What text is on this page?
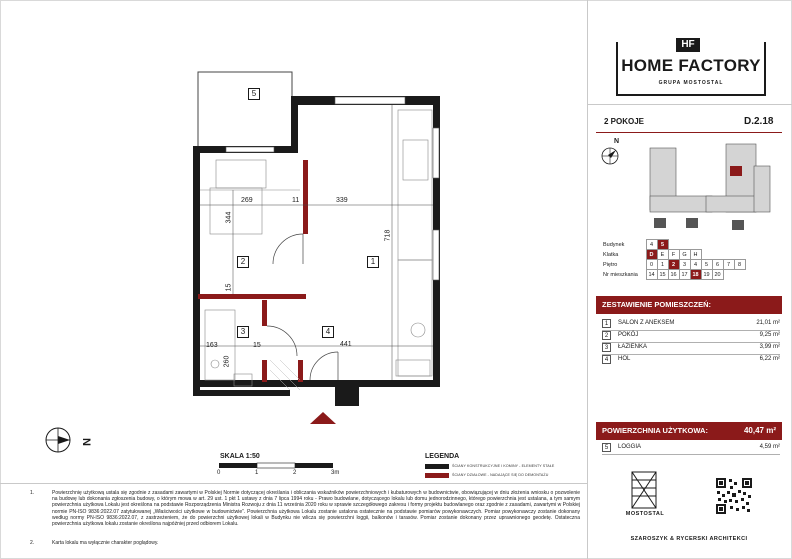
5
1
2
3	4
269	11	339
344
718
15
163	15	441
260
N
SKALA 1:50
0	1	2	3m
LEGENDA
ŚCIANY KONSTRUKCYJNE I KOMINY - ELEMENTY STAŁE
ŚCIANY DZIAŁOWE - NADAJĄCE SIĘ DO DEMONTAŻU
1.	Powierzchnię użytkową ustala się zgodnie z zasadami zawartymi w Polskiej Normie dotyczącej określania i obliczania wskaźników powierzchniowych i kubaturowych w budownictwie, obowiązującej w dniu złożenia wniosku o pozwolenie na budowę lub dokonania zgłoszenia budowy, o którym mowa w art. 29 ust. 1 pkt 1 ustawy z dnia 7 lipca 1994 roku - Prawo budowlane, dotyczącego lokalu lub domu jednorodzinnego, którego powierzchnia jest ustalana, a tym samym powierzchnia użytkowa Lokalu jest określona na podstawie Rozporządzenia Ministra Rozwoju z dnia 11 września 2020 roku w sprawie szczegółowego zakresu i formy projektu budowlanego oraz zgodnie z zasadami, zawartymi w Polskiej normie PN-ISO 9836:2022.07 zatytułowanej „Właściwości użytkowe w budownictwie”. Powierzchnia użytkowa Lokalu zostanie ustalona ostatecznie na podstawie pomiarów powykonawczych. Pomiar powykonawczy zostanie dokonany według normy PN-ISO 9836:2022.07, z zastrzeżeniem, że do powierzchni użytkowej lokali w Budynku nie wlicza się powierzchni loggii, balkonów i tarasów. Pomiar zostanie dokonany przez uprawnionego geodetę. Ostateczna powierzchnia użytkowa lokalu zostanie określona najpóźniej przed odbiorem Lokalu.
2.	Karta lokalu ma wyłącznie charakter poglądowy.
HF
HOME FACTORY
GRUPA MOSTOSTAL
2 POKOJE	D.2.18
N
Budynek	4	5							
Klatka	D	E	F	G	H				
Piętro	0	1	2	3	4	5	6	7	8
Nr mieszkania	14	15	16	17	18	19	20		
ZESTAWIENIE POMIESZCZEŃ:
1	SALON Z ANEKSEM	21,01 m²
2	POKÓJ	9,25 m²
3	ŁAZIENKA	3,99 m²
4	HOL	6,22 m²
POWIERZCHNIA UŻYTKOWA:	40,47 m²
5	LOGGIA	4,59 m²
MOSTOSTAL
SZAROSZYK & RYCERSKI ARCHITEKCI
